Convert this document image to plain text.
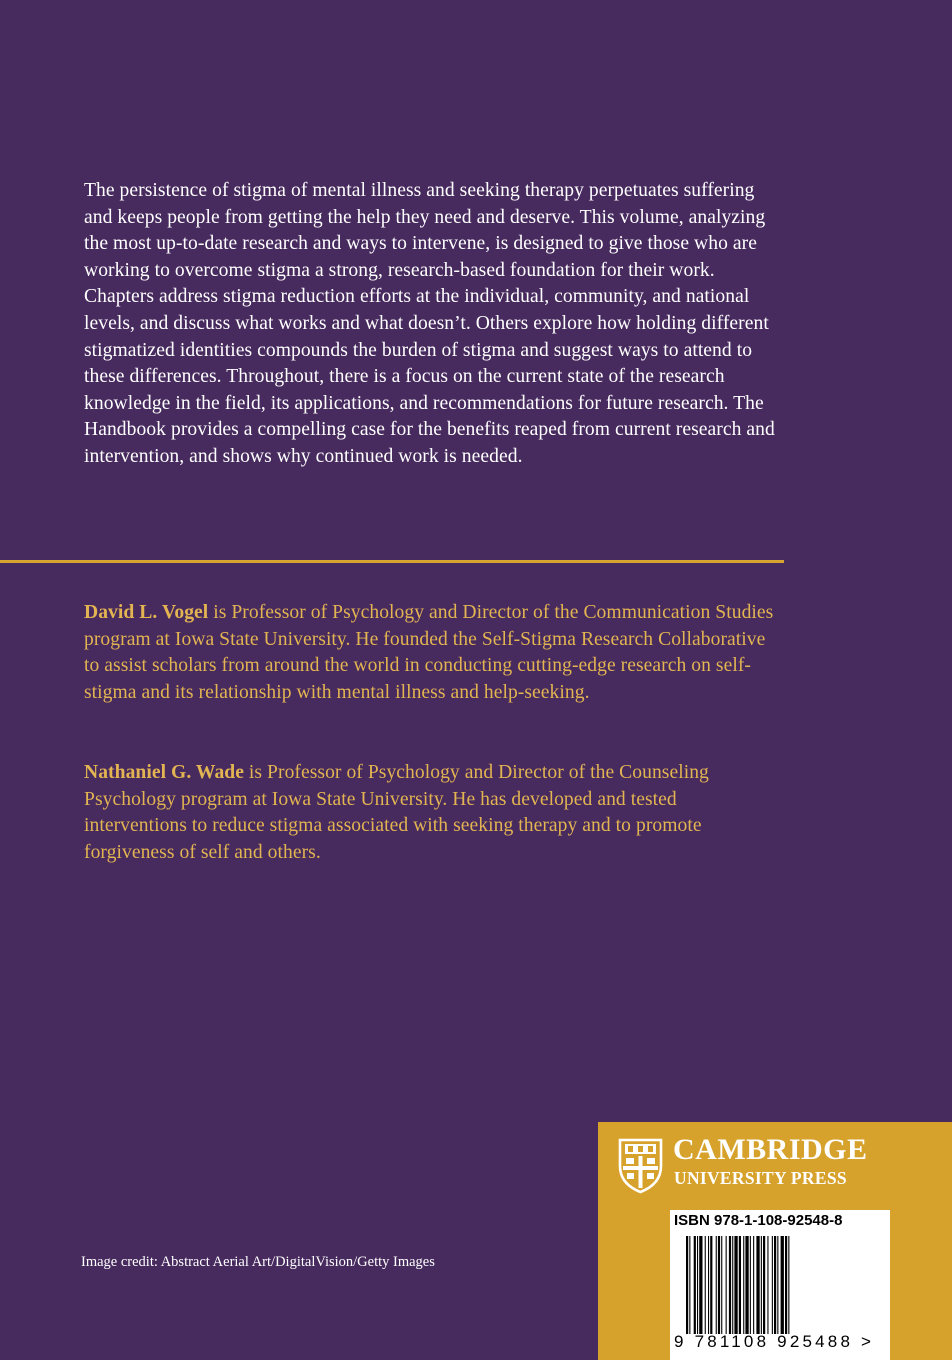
The persistence of stigma of mental illness and seeking therapy perpetuates suffering and keeps people from getting the help they need and deserve. This volume, analyzing the most up-to-date research and ways to intervene, is designed to give those who are working to overcome stigma a strong, research-based foundation for their work. Chapters address stigma reduction efforts at the individual, community, and national levels, and discuss what works and what doesn’t. Others explore how holding different stigmatized identities compounds the burden of stigma and suggest ways to attend to these differences. Throughout, there is a focus on the current state of the research knowledge in the field, its applications, and recommendations for future research. The Handbook provides a compelling case for the benefits reaped from current research and intervention, and shows why continued work is needed.

David L. Vogel is Professor of Psychology and Director of the Communication Studies program at Iowa State University. He founded the Self-Stigma Research Collaborative to assist scholars from around the world in conducting cutting-edge research on self-stigma and its relationship with mental illness and help-seeking.

Nathaniel G. Wade is Professor of Psychology and Director of the Counseling Psychology program at Iowa State University. He has developed and tested interventions to reduce stigma associated with seeking therapy and to promote forgiveness of self and others.

Image credit: Abstract Aerial Art/DigitalVision/Getty Images
CAMBRIDGE
UNIVERSITY PRESS
ISBN 978-1-108-92548-8
9 781108 925488 >
